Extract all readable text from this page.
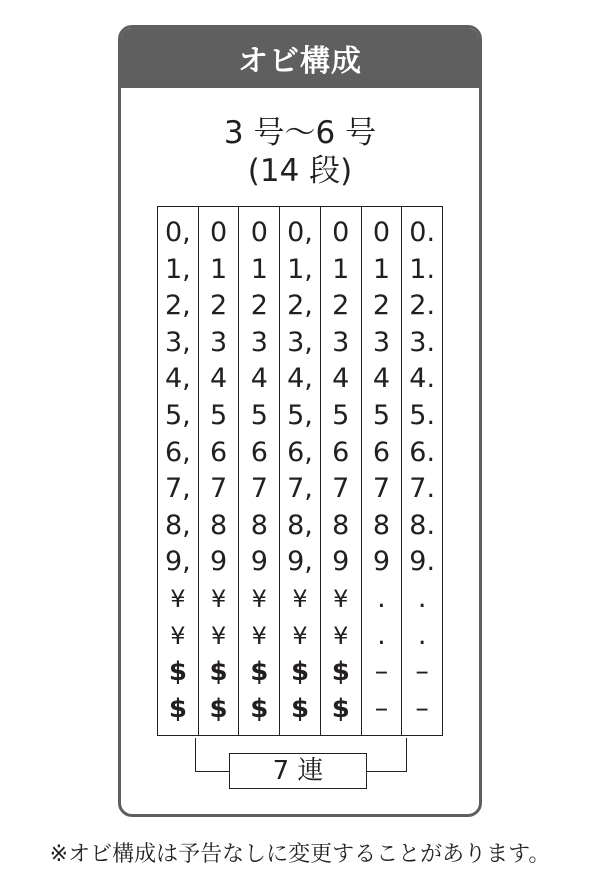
オビ構成
3 号〜6 号
(14 段)
0,
1,
2,
3,
4,
5,
6,
7,
8,
9,
¥
¥
$
$
0
1
2
3
4
5
6
7
8
9
¥
¥
$
$
0
1
2
3
4
5
6
7
8
9
¥
¥
$
$
0,
1,
2,
3,
4,
5,
6,
7,
8,
9,
¥
¥
$
$
0
1
2
3
4
5
6
7
8
9
¥
¥
$
$
0
1
2
3
4
5
6
7
8
9
.
.
–
–
0.
1.
2.
3.
4.
5.
6.
7.
8.
9.
.
.
–
–
7 連
※オビ構成は予告なしに変更することがあります。
